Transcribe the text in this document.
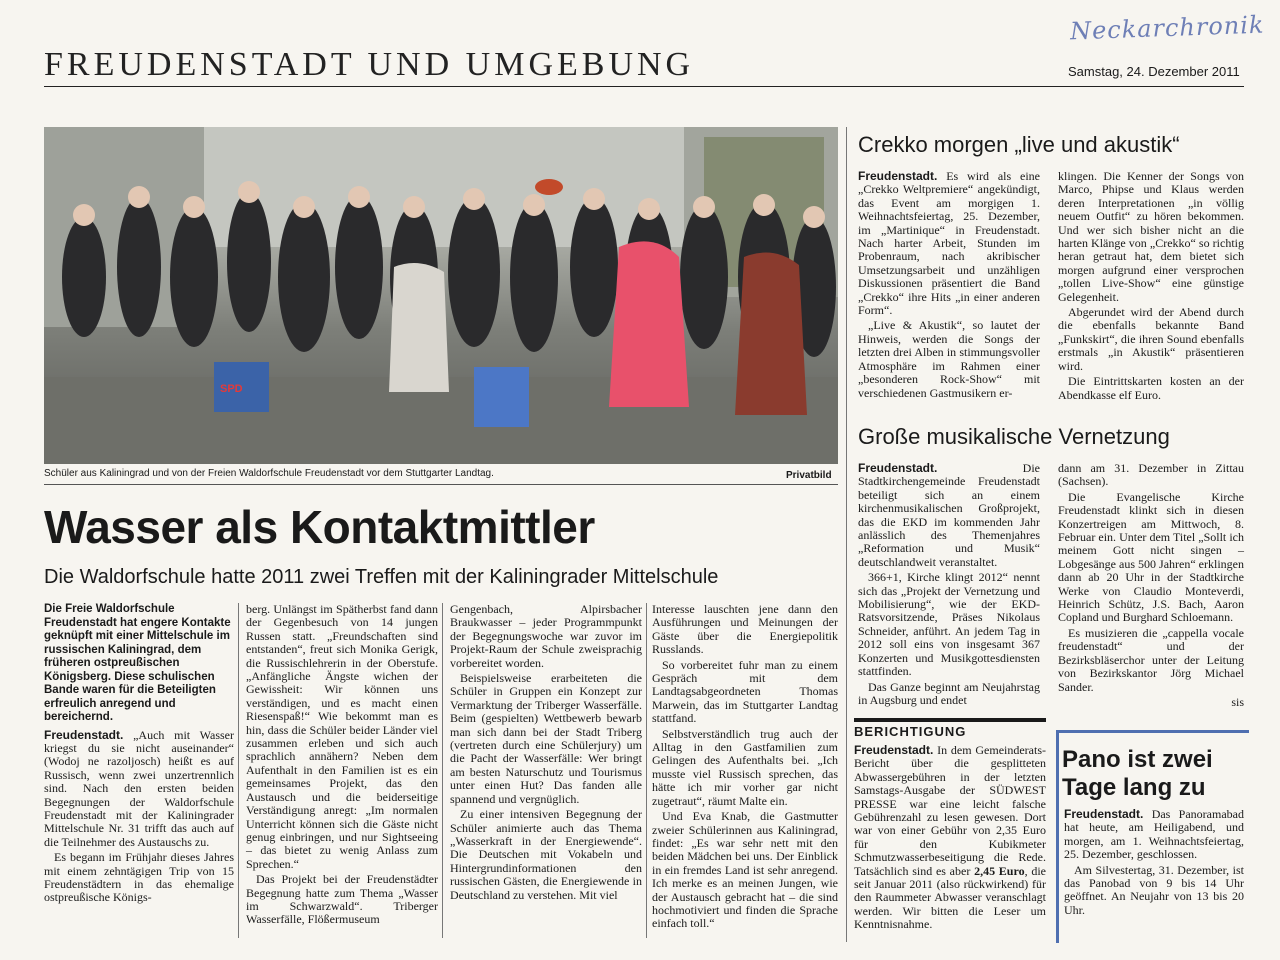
Neckarchronik
FREUDENSTADT UND UMGEBUNG	Samstag, 24. Dezember 2011
SPD
Schüler aus Kaliningrad und von der Freien Waldorfschule Freudenstadt vor dem Stuttgarter Landtag.	Privatbild
Wasser als Kontaktmittler
Die Waldorfschule hatte 2011 zwei Treffen mit der Kaliningrader Mittelschule
Die Freie Waldorfschule Freudenstadt hat engere Kontakte geknüpft mit einer Mittelschule im russischen Kaliningrad, dem früheren ostpreußischen Königsberg. Diese schulischen Bande waren für die Beteiligten erfreulich anregend und bereichernd.

Freudenstadt. „Auch mit Wasser kriegst du sie nicht auseinander“ (Wodoj ne razoljosch) heißt es auf Russisch, wenn zwei unzertrennlich sind. Nach den ersten beiden Begegnungen der Waldorfschule Freudenstadt mit der Kaliningrader Mittelschule Nr. 31 trifft das auch auf die Teilnehmer des Austauschs zu.

Es begann im Frühjahr dieses Jahres mit einem zehntägigen Trip von 15 Freudenstädtern in das ehemalige ostpreußische Königs-

berg. Unlängst im Spätherbst fand dann der Gegenbesuch von 14 jungen Russen statt. „Freundschaften sind entstanden“, freut sich Monika Gerigk, die Russischlehrerin in der Oberstufe. „Anfängliche Ängste wichen der Gewissheit: Wir können uns verständigen, und es macht einen Riesenspaß!“ Wie bekommt man es hin, dass die Schüler beider Länder viel zusammen erleben und sich auch sprachlich annähern? Neben dem Aufenthalt in den Familien ist es ein gemeinsames Projekt, das den Austausch und die beiderseitige Verständigung anregt: „Im normalen Unterricht können sich die Gäste nicht genug einbringen, und nur Sightseeing – das bietet zu wenig Anlass zum Sprechen.“

Das Projekt bei der Freudenstädter Begegnung hatte zum Thema „Wasser im Schwarzwald“. Triberger Wasserfälle, Flößermuseum

Gengenbach, Alpirsbacher Braukwasser – jeder Programmpunkt der Begegnungswoche war zuvor im Projekt-Raum der Schule zweisprachig vorbereitet worden.

Beispielsweise erarbeiteten die Schüler in Gruppen ein Konzept zur Vermarktung der Triberger Wasserfälle. Beim (gespielten) Wettbewerb bewarb man sich dann bei der Stadt Triberg (vertreten durch eine Schülerjury) um die Pacht der Wasserfälle: Wer bringt am besten Naturschutz und Tourismus unter einen Hut? Das fanden alle spannend und vergnüglich.

Zu einer intensiven Begegnung der Schüler animierte auch das Thema „Wasserkraft in der Energiewende“. Die Deutschen mit Vokabeln und Hintergrundinformationen den russischen Gästen, die Energiewende in Deutschland zu verstehen. Mit viel

Interesse lauschten jene dann den Ausführungen und Meinungen der Gäste über die Energiepolitik Russlands.

So vorbereitet fuhr man zu einem Gespräch mit dem Landtagsabgeordneten Thomas Marwein, das im Stuttgarter Landtag stattfand.

Selbstverständlich trug auch der Alltag in den Gastfamilien zum Gelingen des Aufenthalts bei. „Ich musste viel Russisch sprechen, das hätte ich mir vorher gar nicht zugetraut“, räumt Malte ein.

Und Eva Knab, die Gastmutter zweier Schülerinnen aus Kaliningrad, findet: „Es war sehr nett mit den beiden Mädchen bei uns. Der Einblick in ein fremdes Land ist sehr anregend. Ich merke es an meinen Jungen, wie der Austausch gebracht hat – die sind hochmotiviert und finden die Sprache einfach toll.“

Crekko morgen „live und akustik“

Freudenstadt. Es wird als eine „Crekko Weltpremiere“ angekündigt, das Event am morgigen 1. Weihnachtsfeiertag, 25. Dezember, im „Martinique“ in Freudenstadt. Nach harter Arbeit, Stunden im Probenraum, nach akribischer Umsetzungsarbeit und unzähligen Diskussionen präsentiert die Band „Crekko“ ihre Hits „in einer anderen Form“.

„Live & Akustik“, so lautet der Hinweis, werden die Songs der letzten drei Alben in stimmungsvoller Atmosphäre im Rahmen einer „besonderen Rock-Show“ mit verschiedenen Gastmusikern er-

klingen. Die Kenner der Songs von Marco, Phipse und Klaus werden deren Interpretationen „in völlig neuem Outfit“ zu hören bekommen. Und wer sich bisher nicht an die harten Klänge von „Crekko“ so richtig heran getraut hat, dem bietet sich morgen aufgrund einer versprochen „tollen Live-Show“ eine günstige Gelegenheit.

Abgerundet wird der Abend durch die ebenfalls bekannte Band „Funkskirt“, die ihren Sound ebenfalls erstmals „in Akustik“ präsentieren wird.

Die Eintrittskarten kosten an der Abendkasse elf Euro.

Große musikalische Vernetzung

Freudenstadt.	Die Stadtkirchengemeinde Freudenstadt beteiligt sich an einem kirchenmusikalischen Großprojekt, das die EKD im kommenden Jahr anlässlich des Themenjahres „Reformation und Musik“ deutschlandweit veranstaltet.

366+1, Kirche klingt 2012“ nennt sich das „Projekt der Vernetzung und Mobilisierung“, wie der EKD-Ratsvorsitzende, Präses Nikolaus Schneider, anführt. An jedem Tag in 2012 soll eins von insgesamt 367 Konzerten und Musikgottesdiensten stattfinden.

Das Ganze beginnt am Neujahrstag in Augsburg und endet

dann am 31. Dezember in Zittau (Sachsen).

Die Evangelische Kirche Freudenstadt klinkt sich in diesen Konzertreigen am Mittwoch, 8. Februar ein. Unter dem Titel „Sollt ich meinem Gott nicht singen – Lobgesänge aus 500 Jahren“ erklingen dann ab 20 Uhr in der Stadtkirche Werke von Claudio Monteverdi, Heinrich Schütz, J.S. Bach, Aaron Copland und Burghard Schloemann.

Es musizieren die „cappella vocale freudenstadt“ und der Bezirksbläserchor unter der Leitung von Bezirkskantor Jörg Michael Sander.

sis
BERICHTIGUNG

Freudenstadt. In dem Gemeinderats-Bericht über die gesplitteten Abwassergebühren in der letzten Samstags-Ausgabe der SÜDWEST PRESSE war eine leicht falsche Gebührenzahl zu lesen gewesen. Dort war von einer Gebühr von 2,35 Euro für den Kubikmeter Schmutzwasserbeseitigung die Rede. Tatsächlich sind es aber 2,45 Euro, die seit Januar 2011 (also rückwirkend) für den Raummeter Abwasser veranschlagt werden. Wir bitten die Leser um Kenntnisnahme.

Pano ist zwei
Tage lang zu

Freudenstadt. Das Panoramabad hat heute, am Heiligabend, und morgen, am 1. Weihnachtsfeiertag, 25. Dezember, geschlossen.

Am Silvestertag, 31. Dezember, ist das Panobad von 9 bis 14 Uhr geöffnet. An Neujahr von 13 bis 20 Uhr.
